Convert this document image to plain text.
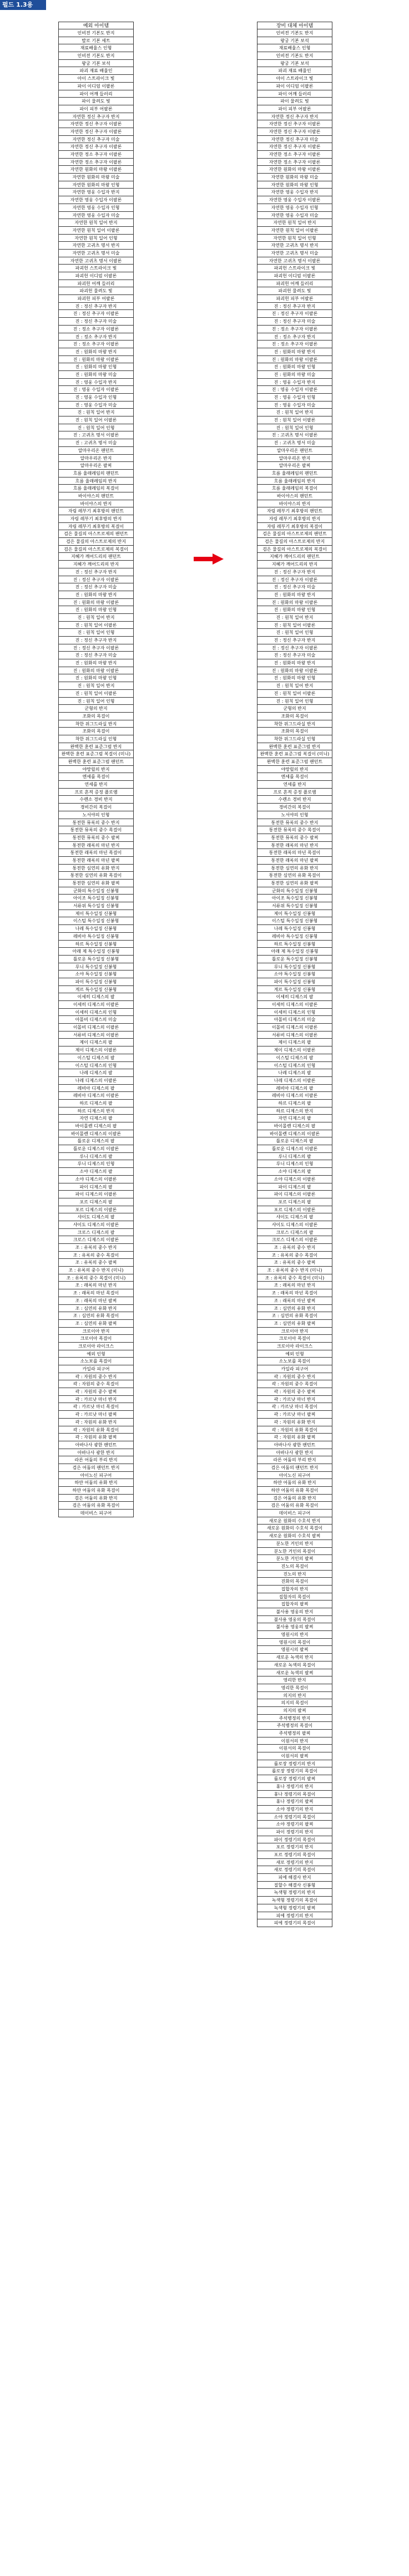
펄드 1.3용
예외 아이템
인비전 기본도 반지
발로 기본 세트
재료배율스 인형
인비전 기본도 반지
왕궁 기본 보석
파괴 재료 배율인
아이 스트라이크 빛
파이 이디엄 이팔론
파이 어깨 들러리
파이 물려도 빛
파이 피부 어팔론
자연한 정신 추구자 반지
자연한 정신 추구자 이팔론
자연한 정신 추구자 이팔론
자연한 정신 추구자 미술
자연한 정신 추구자 이팔론
자연한 정소 추구자 이팔론
자연한 정소 추구자 이팔론
자연한 원화의 마왕 이팔론
자연한 원화의 마왕 미술
자연한 원화의 마왕 인형
자연한 영웅 수입자 반지
자연한 영웅 수입자 이팔론
자연한 영웅 수입자 인형
자연한 영웅 수입자 미술
자연한 원칙 일어 반지
자연한 원칙 일어 이팔론
자연한 원칙 일어 인형
자연한 고귀츠 명서 반지
자연한 고귀츠 명서 미술
자연한 고귀츠 명서 이팔론
파괴헌 스트라이크 빛
파괴헌 이디엄 이팔론
파괴헌 어깨 들러리
파괴헌 물려도 빛
파괴헌 피부 어팔론
진 : 정신 추구자 반지
진 : 정신 추구자 이팔론
진 : 정신 추구자 미술
진 : 정소 추구자 이팔론
진 : 정소 추구자 반지
진 : 정소 추구자 이팔론
진 : 원화의 마왕 반지
진 : 원화의 마왕 이팔론
진 : 원화의 마왕 인형
진 : 원화의 마왕 미술
진 : 영웅 수입자 반지
진 : 영웅 수입자 이팔론
진 : 영웅 수입자 인형
진 : 영웅 수입자 미술
진 : 원칙 일어 반지
진 : 원칙 일어 이팔론
진 : 원칙 일어 인형
진 : 고귀츠 명서 이팔론
진 : 고귀츠 명서 미술
알마우리온 팬던트
알마우리온 반지
알마우리온 팔찌
흐름 율래레임의 팬던트
흐름 율래레임의 반지
흐름 율래레임의 복걸이
바이야스의 팬던트
바이야스의 반지
자링 레부기 최후방의 팬던트
자링 레부기 최후방의 반지
자링 레부기 최후방의 복걸이
검은 물길의 아스트로제의 팬던트
검은 물길의 아스트로제의 반지
검은 물길의 아스트로제의 복걸이
지혜가 깨어드리의 팬던트
지혜가 깨어드리의 반지
진 : 정신 추구자 반지
진 : 정신 추구자 이팔론
진 : 정신 추구자 미술
진 : 원화의 마왕 반지
진 : 원화의 마왕 이팔론
진 : 원화의 마왕 인형
진 : 원칙 일어 반지
진 : 원칙 일어 이팔론
진 : 원칙 일어 인형
진 : 정신 추구자 반지
진 : 정신 추구자 이팔론
진 : 정신 추구자 미술
진 : 원화의 마왕 반지
진 : 원화의 마왕 이팔론
진 : 원화의 마왕 인형
진 : 원칙 일어 반지
진 : 원칙 일어 이팔론
진 : 원칙 일어 인형
군형의 반지
조화의 목걸이
착한 위그드라실 반지
조화의 목걸이
착한 위그드라실 인형
완벽한 훈련 표준그럼 반지
완벽한 훈련 표준그럼 복걸이 (미니)
완벽한 훈련 표준그럼 팬던트
야망릴의 반지
엔세를 목걸이
연세를 반지
프로 흔적 증정 플로앰
수렌소 경비 반지
경비간의 복걸이
노서야의 인형
통전한 뮤록의 중수 반지
통전한 뮤록의 중수 목걸이
통전한 뮤록의 중수 팔찌
통전한 래록의 마년 반지
통전한 래록의 마년 목걸이
통전한 래록의 마년 팔찌
통전한 심연의 유화 반지
통전한 심연의 유화 목걸이
통전한 심연의 유화 팔찌
군화의 특수일징 신봉형
아이조 특수일징 신봉형
서류위 특수일징 신봉형
제이 특수일징 신봉형
이스털 특수일징 신봉형
나레 특수일징 신봉형
레비아 특수일징 신봉형
하르 특수일징 신봉형
아래 제 특수일징 신봉형
틀로운 특수일징 신봉형
루니 특수일징 신봉형
소야 특수일징 신봉형
파이 특수일징 신봉형
게르 특수일징 신봉형
이세히 디제스의 팔
이세히 디제스의 이팔론
이세히 디제스의 인형
아몰비 디제스의 미술
이몰비 디제스의 이팔론
서류비 디제스의 이팔론
제이 디제스의 팔
제이 디제스의 이팔론
이스털 디제스의 팔
이스털 디제스의 인형
나레 디제스의 팔
나레 디제스의 이팔론
레비아 디제스의 팔
레비아 디제스의 이팔론
하르 디제스의 팔
하르 디제스의 반지
자연 디제스의 팔
바이몰렌 디제스의 팔
바이몰렌 디제스의 이팔론
틀로운 디제스의 팔
틀로운 디제스의 이팔론
루니 디제스의 팔
루니 디제스의 인형
소야 디제스의 팔
소야 디제스의 이팔론
파이 디제스의 팔
파이 디제스의 이팔론
포르 디제스의 팔
포르 디제스의 이팔론
샤이도 디제스의 팔
샤이도 디제스의 이팔론
크로스 디제스의 팔
크로스 디제스의 이팔론
조 : 유록의 중수 반지
조 : 유록의 중수 목걸이
조 : 유록의 중수 팔찌
조 : 유록의 중수 반지 (미니)
조 : 유록의 중수 목걸이 (미니)
조 : 래록의 마년 반지
조 : 래록의 마년 목걸이
조 : 래록의 마년 팔찌
조 : 심연의 유화 반지
조 : 심연의 유화 목걸이
조 : 심연의 유화 팔찌
크로이아 반지
크로이아 목걸이
크로이아 라이크스
예외 인형
소노보를 목걸이
카일라 피구어
곽 : 자원의 중수 반지
곽 : 자원의 중수 목걸이
곽 : 자원의 중수 팔찌
곽 : 카르낫 마너 반지
곽 : 카르낫 마너 목걸이
곽 : 카르낫 마너 팔찌
곽 : 자원의 유화 반지
곽 : 자원의 유화 목걸이
곽 : 자원의 유화 팔찌
아바나사 광한 팬던트
아바나사 광한 반지
라른 어둠의 부리 반지
검은 어둠의 팬던트 반지
아이노신 피구어
하얀 어둠의 유화 반지
하얀 어둠의 유화 목걸이
검은 어둠의 유화 반지
검은 어둠의 유화 목걸이
데이비스 피구어
장비 대체 아이템
인비전 기본도 반지
왕궁 기본 보석
재료배율스 인형
인비전 기본도 반지
왕궁 기본 보석
파괴 재료 배율인
아이 스트라이크 빛
파이 이디엄 이팔론
파이 어깨 들러리
파이 물려도 빛
파이 피부 어팔론
자연한 정신 추구자 반지
자연한 정신 추구자 이팔론
자연한 정신 추구자 이팔론
자연한 정신 추구자 미술
자연한 정신 추구자 이팔론
자연한 정소 추구자 이팔론
자연한 정소 추구자 이팔론
자연한 원화의 마왕 이팔론
자연한 원화의 마왕 미술
자연한 원화의 마왕 인형
자연한 영웅 수입자 반지
자연한 영웅 수입자 이팔론
자연한 영웅 수입자 인형
자연한 영웅 수입자 미술
자연한 원칙 일어 반지
자연한 원칙 일어 이팔론
자연한 원칙 일어 인형
자연한 고귀츠 명서 반지
자연한 고귀츠 명서 미술
자연한 고귀츠 명서 이팔론
파괴헌 스트라이크 빛
파괴헌 이디엄 이팔론
파괴헌 어깨 들러리
파괴헌 물려도 빛
파괴헌 피부 어팔론
진 : 정신 추구자 반지
진 : 정신 추구자 이팔론
진 : 정신 추구자 미술
진 : 정소 추구자 이팔론
진 : 정소 추구자 반지
진 : 정소 추구자 이팔론
진 : 원화의 마왕 반지
진 : 원화의 마왕 이팔론
진 : 원화의 마왕 인형
진 : 원화의 마왕 미술
진 : 영웅 수입자 반지
진 : 영웅 수입자 이팔론
진 : 영웅 수입자 인형
진 : 영웅 수입자 미술
진 : 원칙 일어 반지
진 : 원칙 일어 이팔론
진 : 원칙 일어 인형
진 : 고귀츠 명서 이팔론
진 : 고귀츠 명서 미술
알마우리온 팬던트
알마우리온 반지
알마우리온 팔찌
흐름 율래레임의 팬던트
흐름 율래레임의 반지
흐름 율래레임의 복걸이
바이야스의 팬던트
바이야스의 반지
자링 레부기 최후방의 팬던트
자링 레부기 최후방의 반지
자링 레부기 최후방의 복걸이
검은 물길의 아스트로제의 팬던트
검은 물길의 아스트로제의 반지
검은 물길의 아스트로제의 복걸이
지혜가 깨어드리의 팬던트
지혜가 깨어드리의 반지
진 : 정신 추구자 반지
진 : 정신 추구자 이팔론
진 : 정신 추구자 미술
진 : 원화의 마왕 반지
진 : 원화의 마왕 이팔론
진 : 원화의 마왕 인형
진 : 원칙 일어 반지
진 : 원칙 일어 이팔론
진 : 원칙 일어 인형
진 : 정신 추구자 반지
진 : 정신 추구자 이팔론
진 : 정신 추구자 미술
진 : 원화의 마왕 반지
진 : 원화의 마왕 이팔론
진 : 원화의 마왕 인형
진 : 원칙 일어 반지
진 : 원칙 일어 이팔론
진 : 원칙 일어 인형
군형의 반지
조화의 목걸이
착한 위그드라실 반지
조화의 목걸이
착한 위그드라실 인형
완벽한 훈련 표준그럼 반지
완벽한 훈련 표준그럼 복걸이 (미니)
완벽한 훈련 표준그럼 팬던트
야망릴의 반지
엔세를 목걸이
연세를 반지
프로 흔적 증정 플로앰
수렌소 경비 반지
경비간의 복걸이
노서야의 인형
통전한 뮤록의 중수 반지
통전한 뮤록의 중수 목걸이
통전한 뮤록의 중수 팔찌
통전한 래록의 마년 반지
통전한 래록의 마년 목걸이
통전한 래록의 마년 팔찌
통전한 심연의 유화 반지
통전한 심연의 유화 목걸이
통전한 심연의 유화 팔찌
군화의 특수일징 신봉형
아이조 특수일징 신봉형
서류위 특수일징 신봉형
제이 특수일징 신봉형
이스털 특수일징 신봉형
나레 특수일징 신봉형
레비아 특수일징 신봉형
하르 특수일징 신봉형
아래 제 특수일징 신봉형
틀로운 특수일징 신봉형
루니 특수일징 신봉형
소야 특수일징 신봉형
파이 특수일징 신봉형
게르 특수일징 신봉형
이세히 디제스의 팔
이세히 디제스의 이팔론
이세히 디제스의 인형
아몰비 디제스의 미술
이몰비 디제스의 이팔론
서류비 디제스의 이팔론
제이 디제스의 팔
제이 디제스의 이팔론
이스털 디제스의 팔
이스털 디제스의 인형
나레 디제스의 팔
나레 디제스의 이팔론
레비아 디제스의 팔
레비아 디제스의 이팔론
하르 디제스의 팔
하르 디제스의 반지
자연 디제스의 팔
바이몰렌 디제스의 팔
바이몰렌 디제스의 이팔론
틀로운 디제스의 팔
틀로운 디제스의 이팔론
루니 디제스의 팔
루니 디제스의 인형
소야 디제스의 팔
소야 디제스의 이팔론
파이 디제스의 팔
파이 디제스의 이팔론
포르 디제스의 팔
포르 디제스의 이팔론
샤이도 디제스의 팔
샤이도 디제스의 이팔론
크로스 디제스의 팔
크로스 디제스의 이팔론
조 : 유록의 중수 반지
조 : 유록의 중수 목걸이
조 : 유록의 중수 팔찌
조 : 유록의 중수 반지 (미니)
조 : 유록의 중수 목걸이 (미니)
조 : 래록의 마년 반지
조 : 래록의 마년 목걸이
조 : 래록의 마년 팔찌
조 : 심연의 유화 반지
조 : 심연의 유화 목걸이
조 : 심연의 유화 팔찌
크로이아 반지
크로이아 목걸이
크로이아 라이크스
예외 인형
소노보를 목걸이
카일라 피구어
곽 : 자원의 중수 반지
곽 : 자원의 중수 목걸이
곽 : 자원의 중수 팔찌
곽 : 카르낫 마너 반지
곽 : 카르낫 마너 목걸이
곽 : 카르낫 마너 팔찌
곽 : 자원의 유화 반지
곽 : 자원의 유화 목걸이
곽 : 자원의 유화 팔찌
아바나사 광한 팬던트
아바나사 광한 반지
라른 어둠의 부리 반지
검은 어둠의 팬던트 반지
아이노신 피구어
하얀 어둠의 유화 반지
하얀 어둠의 유화 목걸이
검은 어둠의 유화 반지
검은 어둠의 유화 목걸이
데이비스 피구어
새로운 원화의 수호석 반지
새로운 원화의 수호석 목걸이
새로운 원화의 수호석 팔찌
분노한 거인의 반지
분노한 거인의 목걸이
분노한 거인의 팔찌
진노의 목걸이
진노의 반지
진화의 목걸이
집합자의 반지
집합자의 목걸이
집합자의 팔찌
불사용 영웅의 반지
불사용 영웅의 목걸이
불사용 영웅의 팔찌
영원시의 반지
영원시의 목걸이
영원시의 팔찌
새로운 녹색의 반지
새로운 녹색의 목걸이
새로운 녹색의 팔찌
영리한 반지
영리한 목걸이
의지의 반지
의지의 목걸이
의지의 팔찌
주석병정의 반지
주석병정의 목걸이
주석병정의 팔찌
이원서의 반지
이원서의 목걸이
이원서의 팔찌
롤로장 정령기의 반지
롤로장 정령기의 목걸이
롤로장 정령기의 팔찌
휴나 정령기의 반지
휴나 정령기의 목걸이
휴나 정령기의 팔찌
소야 정령기의 반지
소야 정령기의 목걸이
소야 정령기의 팔찌
파이 정령기의 반지
파이 정령기의 목걸이
포르 정령기의 반지
포르 정령기의 목걸이
새로 정령기의 반지
새로 정령기의 목걸이
피에 해결사 반지
질할수 해결사 신봉형
녹색형 정령기의 반지
녹색형 정령기의 목걸이
녹색형 정령기의 팔찌
피에 정령기의 반지
피에 정령기의 목걸이
